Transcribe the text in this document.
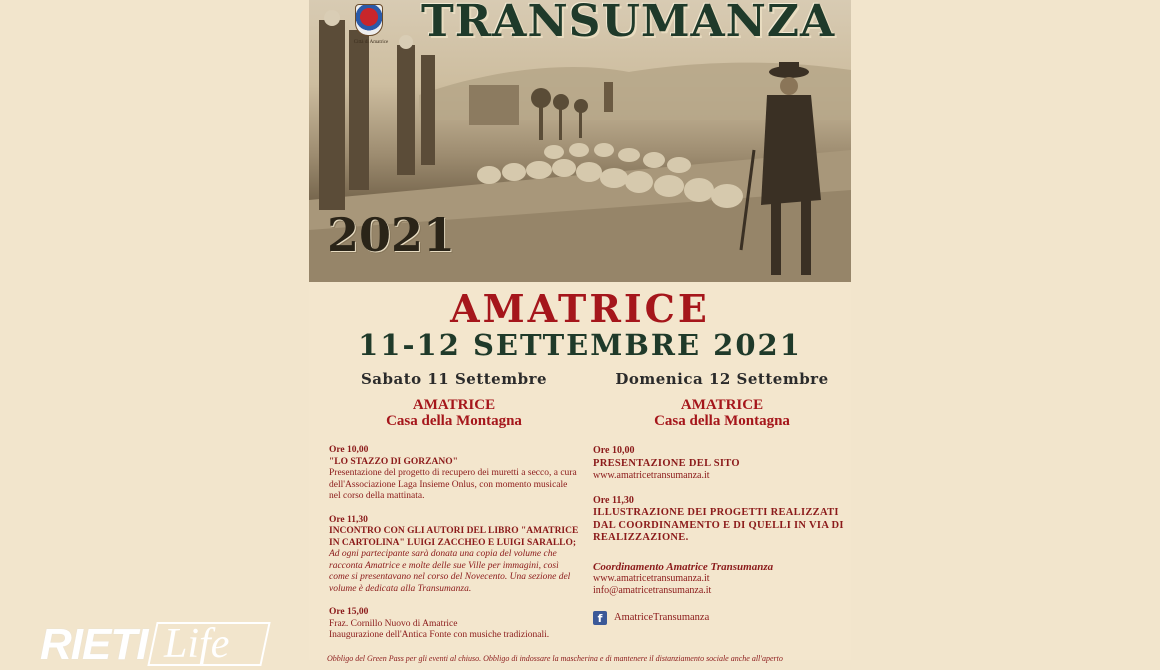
Città di Amatrice TRANSUMANZA
2021
AMATRICE
11-12 SETTEMBRE 2021
Sabato 11 Settembre
AMATRICE
Casa della Montagna
Ore 10,00
"LO STAZZO DI GORZANO"
Presentazione del progetto di recupero dei muretti a secco, a cura dell'Associazione Laga Insieme Onlus, con momento musicale nel corso della mattinata.
Ore 11,30
INCONTRO CON GLI AUTORI DEL LIBRO "AMATRICE IN CARTOLINA" LUIGI ZACCHEO E LUIGI SARALLO;
Ad ogni partecipante sarà donata una copia del volume che racconta Amatrice e molte delle sue Ville per immagini, così come si presentavano nel corso del Novecento. Una sezione del volume è dedicata alla Transumanza.
Ore 15,00
Fraz. Cornillo Nuovo di Amatrice
Inaugurazione dell'Antica Fonte con musiche tradizionali.
Domenica 12 Settembre
AMATRICE
Casa della Montagna
Ore 10,00
PRESENTAZIONE DEL SITO
www.amatricetransumanza.it
Ore 11,30
ILLUSTRAZIONE DEI PROGETTI REALIZZATI DAL COORDINAMENTO E DI QUELLI IN VIA DI REALIZZAZIONE.
Coordinamento Amatrice Transumanza
www.amatricetransumanza.it
info@amatricetransumanza.it
f	AmatriceTransumanza
Obbligo del Green Pass per gli eventi al chiuso. Obbligo di indossare la mascherina e di mantenere il distanziamento sociale anche all'aperto
RIETI Life
